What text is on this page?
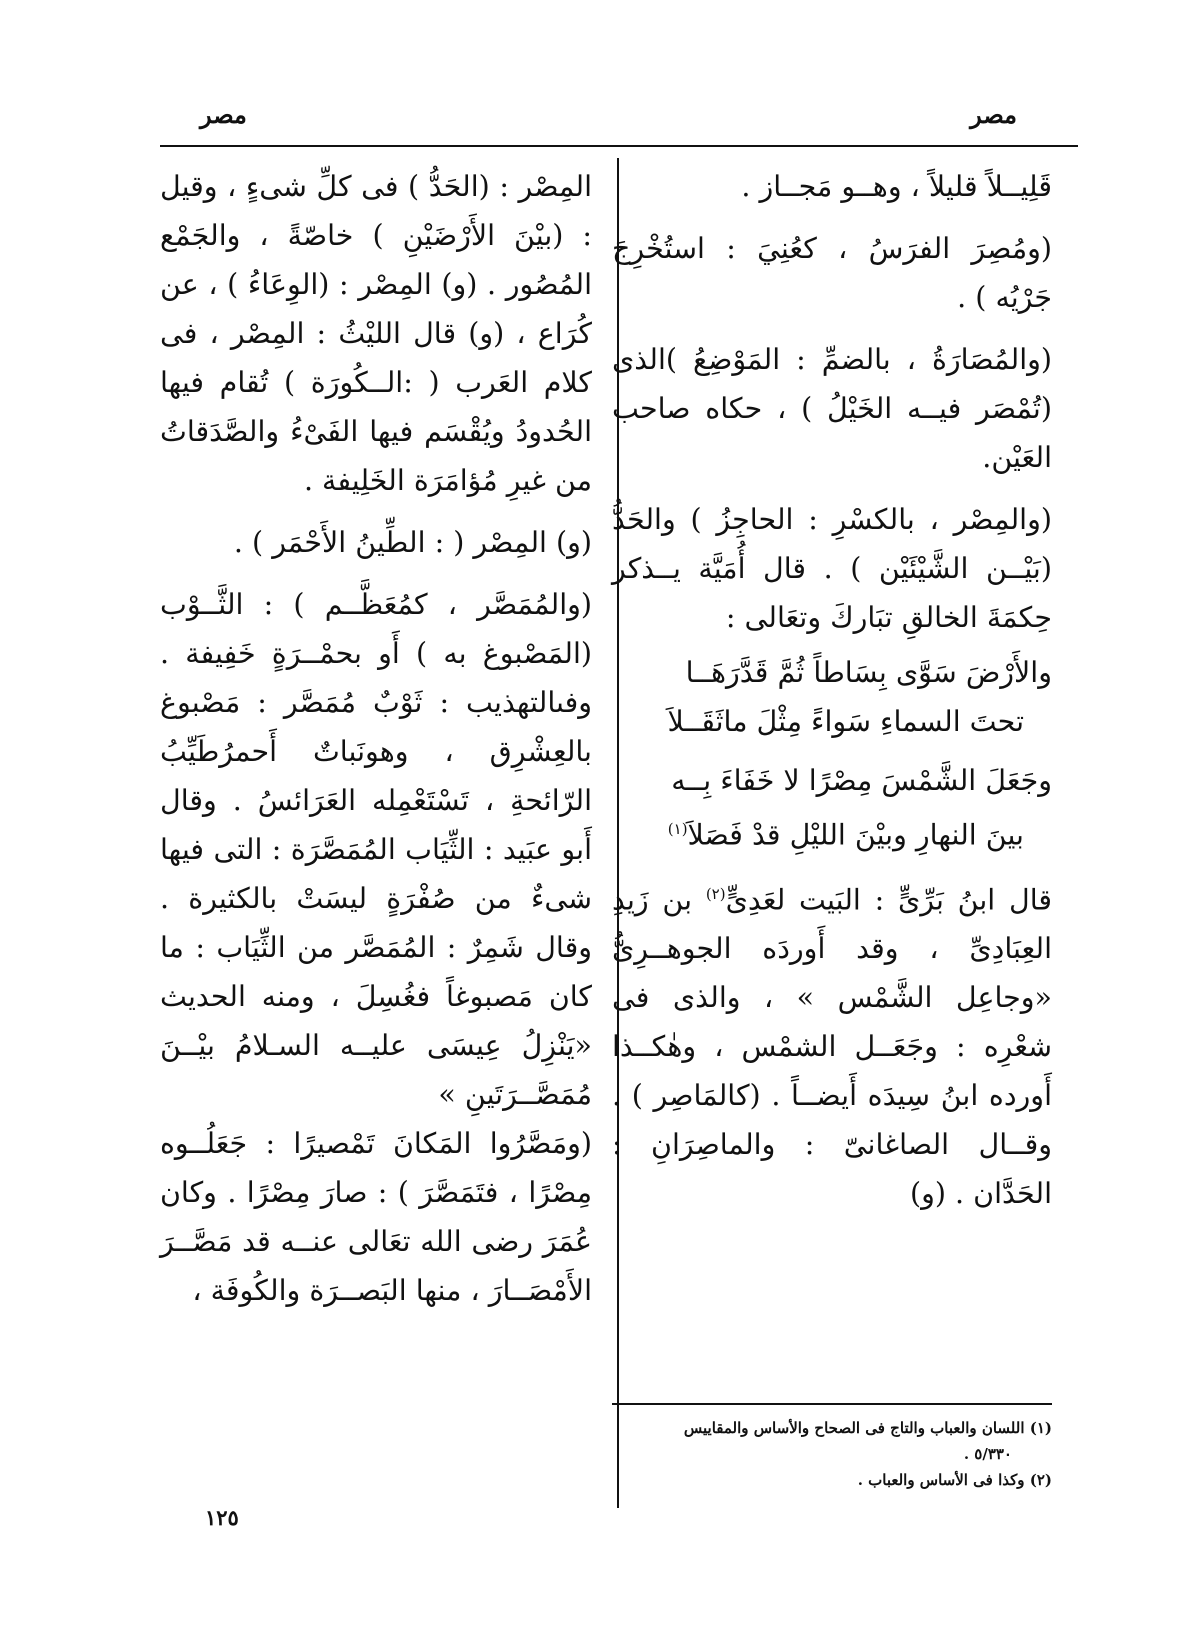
مصر
مصر

قَلِيــلاً قليلاً ، وهــو مَجــاز .

(ومُصِرَ الفرَسُ ، كعُنِيَ : استُخْرِجَ جَرْيُه ) .

(والمُصَارَةُ ، بالضمِّ : المَوْضِعُ )الذى (تُمْصَر فيــه الخَيْلُ ) ، حكاه صاحب العَيْن.

(والمِصْر ، بالكسْرِ : الحاجِزُ ) والحَدُّ (بَيْــن الشَّيْئَيْن ) . قال أُمَيَّة يــذكر حِكمَةَ الخالقِ تبَاركَ وتعَالى :

والأَرْضَ سَوَّى بِسَاطاً ثُمَّ قَدَّرَهَــا
تحتَ السماءِ سَواءً مِثْلَ ماثَقَــلاَ
وجَعَلَ الشَّمْسَ مِصْرًا لا خَفَاءَ بِــه
بينَ النهارِ وبيْنَ الليْلِ قدْ فَصَلاَ$^{(١)}$

قال ابنُ بَرِّىٍّ : البَيت لعَدِىٍّ$^{(٢)}$ بن زَيدِ العِبَادِىِّ ، وقد أَوردَه الجوهــرِىُّ «وجاعِل الشَّمْس » ، والذى فى شعْرِه : وجَعَــل الشمْس ، وهٰكــذا أَورده ابنُ سِيدَه أَيضــاً . (كالمَاصِر ) . وقــال الصاغانىّ : والماصِرَانِ : الحَدَّان . (و)

المِصْر : (الحَدُّ ) فى كلِّ شىءٍ ، وقيل : (بيْنَ الأَرْضَيْنِ ) خاصّةً ، والجَمْع المُصُور . (و) المِصْر : (الوِعَاءُ ) ، عن كُرَاع ، (و) قال الليْثُ : المِصْر ، فى كلام العَرب ( :الــكُورَة ) تُقام فيها الحُدودُ ويُقْسَم فيها الفَىْءُ والصَّدَقاتُ من غيرِ مُؤامَرَة الخَلِيفة .

(و) المِصْر ( : الطِّينُ الأَحْمَر ) .

(والمُمَصَّر ، كمُعَظَّــم ) : الثَّــوْب (المَصْبوغ به ) أَو بحمْــرَةٍ خَفِيفة . وفىالتهذيب : ثَوْبٌ مُمَصَّر : مَصْبوغ بالعِشْرِق ، وهونَباتٌ أَحمرُطَيِّبُ الرّائحةِ ، تَسْتَعْمِله العَرَائسُ . وقال أَبو عبَيد : الثِّيَاب المُمَصَّرَة : التى فيها شىءٌ من صُفْرَةٍ ليسَتْ بالكثيرة . وقال شَمِرٌ : المُمَصَّر من الثِّيَاب : ما كان مَصبوغاً فغُسِلَ ، ومنه الحديث «يَنْزِلُ عِيسَى عليــه السـلامُ بيْــنَ مُمَصَّــرَتَينِ »

(ومَصَّرُوا المَكانَ تَمْصيرًا : جَعَلُــوه مِصْرًا ، فتَمَصَّرَ ) : صارَ مِصْرًا . وكان عُمَرَ رضى الله تعَالى عنــه قد مَصَّــرَ الأَمْصَــارَ ، منها البَصــرَة والكُوفَة ،

(١) اللسان والعباب والتاج فى الصحاح والأساس والمقاييس
٥/٣٣٠ .
(٢) وكذا فى الأساس والعباب .
١٢٥
